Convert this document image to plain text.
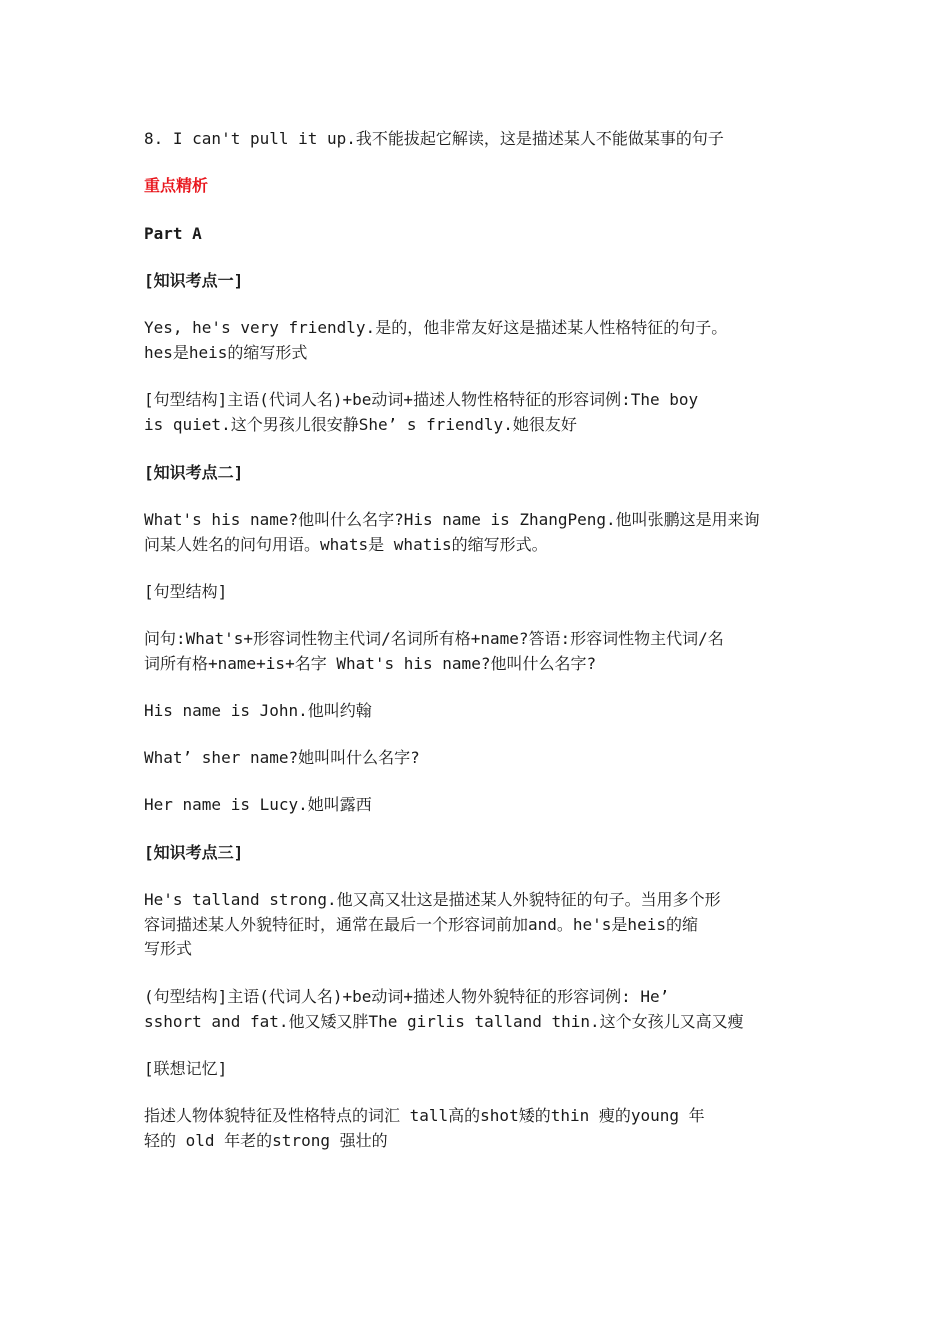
8. I can't pull it up.我不能拔起它解读，这是描述某人不能做某事的句子
重点精析
Part A
[知识考点一]
Yes, he's very friendly.是的，他非常友好这是描述某人性格特征的句子。
hes是heis的缩写形式
[句型结构]主语(代词人名)+be动词+描述人物性格特征的形容词例:The boy
is quiet.这个男孩儿很安静She’ s friendly.她很友好
[知识考点二]
What's his name?他叫什么名字?His name is ZhangPeng.他叫张鹏这是用来询
问某人姓名的问句用语。whats是 whatis的缩写形式。
[句型结构]
问句:What's+形容词性物主代词/名词所有格+name?答语:形容词性物主代词/名
词所有格+name+is+名字 What's his name?他叫什么名字?
His name is John.他叫约翰
What’ sher name?她叫叫什么名字?
Her name is Lucy.她叫露西
[知识考点三]
He's talland strong.他又高又壮这是描述某人外貌特征的句子。当用多个形
容词描述某人外貌特征时，通常在最后一个形容词前加and。he's是heis的缩
写形式
(句型结构]主语(代词人名)+be动词+描述人物外貌特征的形容词例: He’
sshort and fat.他又矮又胖The girlis talland thin.这个女孩儿又高又瘦
[联想记忆]
指述人物体貌特征及性格特点的词汇 tall高的shot矮的thin 瘦的young 年
轻的 old 年老的strong 强壮的
